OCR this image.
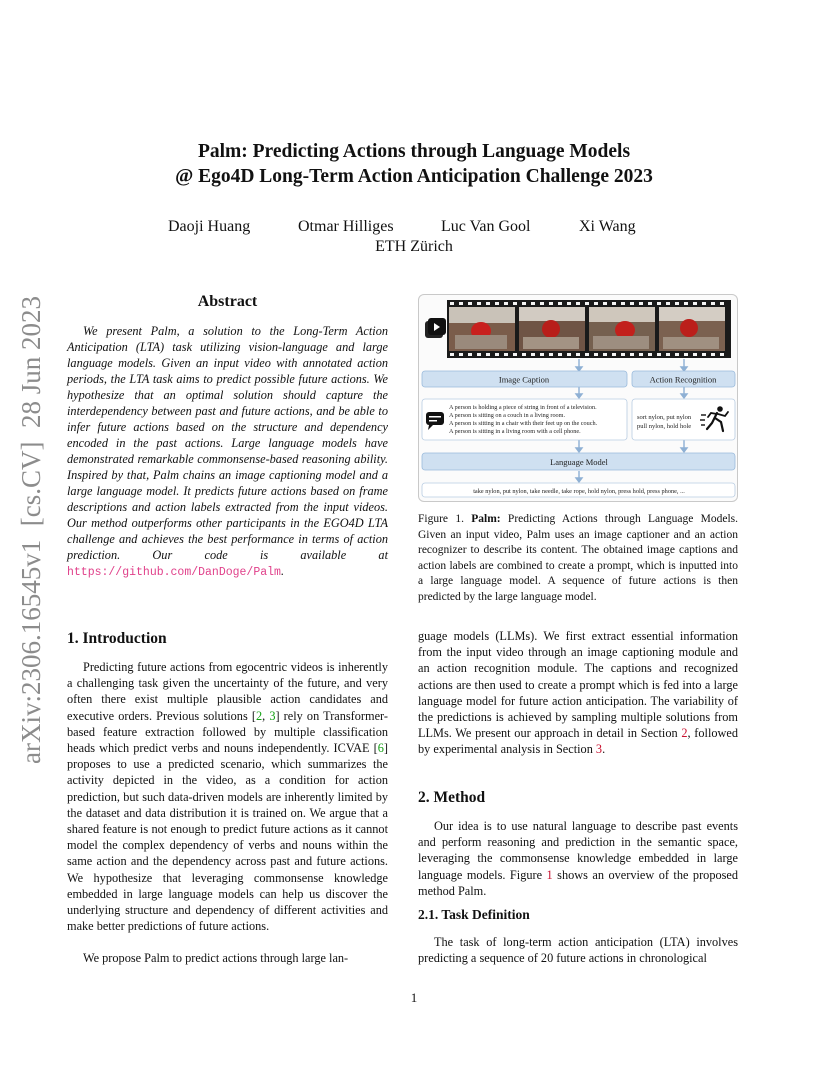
arXiv:2306.16545v1  [cs.CV]  28 Jun 2023
Palm: Predicting Actions through Language Models
@ Ego4D Long-Term Action Anticipation Challenge 2023
Daoji Huang	Otmar Hilliges	Luc Van Gool	Xi Wang
ETH Zürich
Abstract

We present Palm, a solution to the Long-Term Action Anticipation (LTA) task utilizing vision-language and large language models. Given an input video with annotated action periods, the LTA task aims to predict possible future actions. We hypothesize that an optimal solution should capture the interdependency between past and future actions, and be able to infer future actions based on the structure and dependency encoded in the past actions. Large language models have demonstrated remarkable commonsense-based reasoning ability. Inspired by that, Palm chains an image captioning model and a large language model. It predicts future actions based on frame descriptions and action labels extracted from the input videos. Our method outperforms other participants in the EGO4D LTA challenge and achieves the best performance in terms of action prediction. Our code is available at https://github.com/DanDoge/Palm.

Image Caption	Action Recognition
A person is holding a piece of string in front of a television.
A person is sitting on a couch in a living room.
A person is sitting in a chair with their feet up on the couch.
A person is sitting in a living room with a cell phone.
sort nylon, put nylon
pull nylon, hold hole
Language Model
take nylon, put nylon, take needle, take rope, hold nylon, press hold, press phone, ...

Figure 1. Palm: Predicting Actions through Language Models. Given an input video, Palm uses an image captioner and an action recognizer to describe its content. The obtained image captions and action labels are combined to create a prompt, which is inputted into a large language model. A sequence of future actions is then predicted by the large language model.

1. Introduction

Predicting future actions from egocentric videos is inherently a challenging task given the uncertainty of the future, and very often there exist multiple plausible action candidates and executive orders. Previous solutions [2, 3] rely on Transformer-based feature extraction followed by multiple classification heads which predict verbs and nouns independently. ICVAE [6] proposes to use a predicted scenario, which summarizes the activity depicted in the video, as a condition for action prediction, but such data-driven models are inherently limited by the dataset and data distribution it is trained on. We argue that a shared feature is not enough to predict future actions as it cannot model the complex dependency of verbs and nouns within the same action and the dependency across past and future actions. We hypothesize that leveraging commonsense knowledge embedded in large language models can help us discover the underlying structure and dependency of different activities and make better predictions of future actions.

We propose Palm to predict actions through large lan-

guage models (LLMs). We first extract essential information from the input video through an image captioning module and an action recognition module. The captions and recognized actions are then used to create a prompt which is fed into a large language model for future action anticipation. The variability of the predictions is achieved by sampling multiple solutions from LLMs. We present our approach in detail in Section 2, followed by experimental analysis in Section 3.

2. Method

Our idea is to use natural language to describe past events and perform reasoning and prediction in the semantic space, leveraging the commonsense knowledge embedded in large language models. Figure 1 shows an overview of the proposed method Palm.

2.1. Task Definition

The task of long-term action anticipation (LTA) involves predicting a sequence of 20 future actions in chronological

1
